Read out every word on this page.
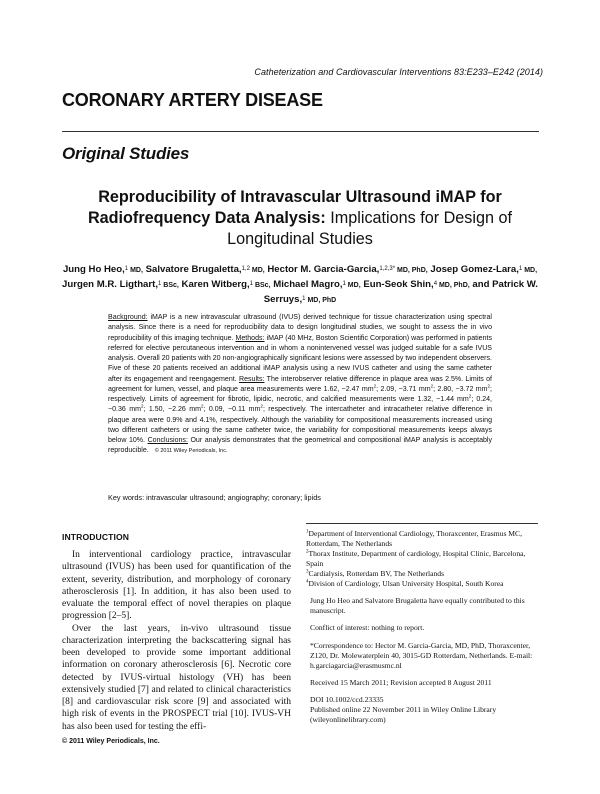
Catheterization and Cardiovascular Interventions 83:E233–E242 (2014)
CORONARY ARTERY DISEASE
Original Studies
Reproducibility of Intravascular Ultrasound iMAP for Radiofrequency Data Analysis: Implications for Design of Longitudinal Studies
Jung Ho Heo,$^1$ MD, Salvatore Brugaletta,$^{1,2}$ MD, Hector M. Garcia-Garcia,$^{1,2,3*}$ MD, PhD, Josep Gomez-Lara,$^1$ MD, Jurgen M.R. Ligthart,$^1$ BSc, Karen Witberg,$^1$ BSc, Michael Magro,$^1$ MD, Eun-Seok Shin,$^4$ MD, PhD, and Patrick W. Serruys,$^1$ MD, PhD
Background: iMAP is a new intravascular ultrasound (IVUS) derived technique for tissue characterization using spectral analysis. Since there is a need for reproducibility data to design longitudinal studies, we sought to assess the in vivo reproducibility of this imaging technique. Methods: iMAP (40 MHz, Boston Scientific Corporation) was performed in patients referred for elective percutaneous intervention and in whom a nonintervened vessel was judged suitable for a safe IVUS analysis. Overall 20 patients with 20 non-angiographically significant lesions were assessed by two independent observers. Five of these 20 patients received an additional iMAP analysis using a new IVUS catheter and using the same catheter after its engagement and reengagement. Results: The interobserver relative difference in plaque area was 2.5%. Limits of agreement for lumen, vessel, and plaque area measurements were 1.62, −2.47 $mm^2$; 2.09, −3.71 $mm^2$; 2.80, −3.72 $mm^2$; respectively. Limits of agreement for fibrotic, lipidic, necrotic, and calcified measurements were 1.32, −1.44 $mm^2$; 0.24, −0.36 $mm^2$; 1.50, −2.26 $mm^2$; 0.09, −0.11 $mm^2$; respectively. The intercatheter and intracatheter relative difference in plaque area were 0.9% and 4.1%, respectively. Although the variability for compositional measurements increased using two different catheters or using the same catheter twice, the variability for compositional measurements keeps always below 10%. Conclusions: Our analysis demonstrates that the geometrical and compositional iMAP analysis is acceptably reproducible. © 2011 Wiley Periodicals, Inc.
Key words: intravascular ultrasound; angiography; coronary; lipids
INTRODUCTION

In interventional cardiology practice, intravascular ultrasound (IVUS) has been used for quantification of the extent, severity, distribution, and morphology of coronary atherosclerosis [1]. In addition, it has also been used to evaluate the temporal effect of novel therapies on plaque progression [2–5].

Over the last years, in-vivo ultrasound tissue characterization interpreting the backscattering signal has been developed to provide some important additional information on coronary atherosclerosis [6]. Necrotic core detected by IVUS-virtual histology (VH) has been extensively studied [7] and related to clinical characteristics [8] and cardiovascular risk score [9] and associated with high risk of events in the PROSPECT trial [10]. IVUS-VH has also been used for testing the effi-

$^1$Department of Interventional Cardiology, Thoraxcenter, Erasmus MC, Rotterdam, The Netherlands

$^2$Thorax Institute, Department of cardiology, Hospital Clinic, Barcelona, Spain

$^3$Cardialysis, Rotterdam BV, The Netherlands

$^4$Division of Cardiology, Ulsan University Hospital, South Korea

Jung Ho Heo and Salvatore Brugaletta have equally contributed to this manuscript.

Conflict of interest: nothing to report.

*Correspondence to: Hector M. Garcia-Garcia, MD, PhD, Thoraxcenter, Z120, Dr. Molewaterplein 40, 3015-GD Rotterdam, Netherlands. E-mail: h.garciagarcia@erasmusmc.nl

Received 15 March 2011; Revision accepted 8 August 2011

DOI 10.1002/ccd.23335

Published online 22 November 2011 in Wiley Online Library (wileyonlinelibrary.com)

© 2011 Wiley Periodicals, Inc.
